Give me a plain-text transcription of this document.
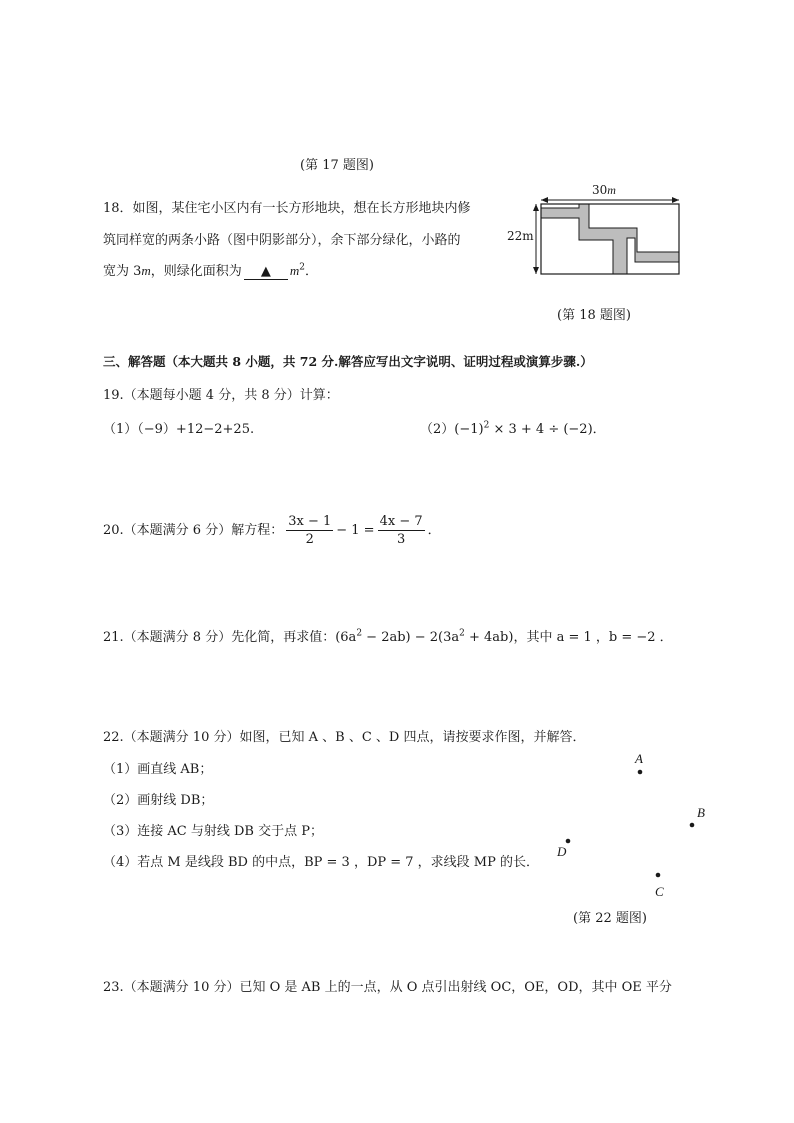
(第 17 题图)
18．如图，某住宅小区内有一长方形地块，想在长方形地块内修
筑同样宽的两条小路（图中阴影部分），余下部分绿化，小路的
宽为 3m，则绿化面积为 ▲ $m^2$．
30m
22m
(第 18 题图)
三、解答题（本大题共 8 小题，共 72 分.解答应写出文字说明、证明过程或演算步骤.）
19.（本题每小题 4 分，共 8 分）计算：
（1）（−9）+12−2+25.	$(2)(-1)^2 \times 3 + 4 \div (-2)$．
20.（本题满分 6 分）解方程： $\frac{3x - 1}{2} - 1 = \frac{4x - 7}{3}$ ．
21.（本题满分 8 分）先化简，再求值：$(6a^2 - 2ab) - 2(3a^2 + 4ab)$，其中 a = 1 ，b = −2 ．
22.（本题满分 10 分）如图，已知 A 、B 、C 、D 四点，请按要求作图，并解答．
（1）画直线 AB；
（2）画射线 DB；
（3）连接 AC 与射线 DB 交于点 P；
（4）若点 M 是线段 BD 的中点，BP = 3 ，DP = 7 ，求线段 MP 的长．
A
B
D
C
(第 22 题图)
23.（本题满分 10 分）已知 O 是 AB 上的一点，从 O 点引出射线 OC，OE，OD，其中 OE 平分
